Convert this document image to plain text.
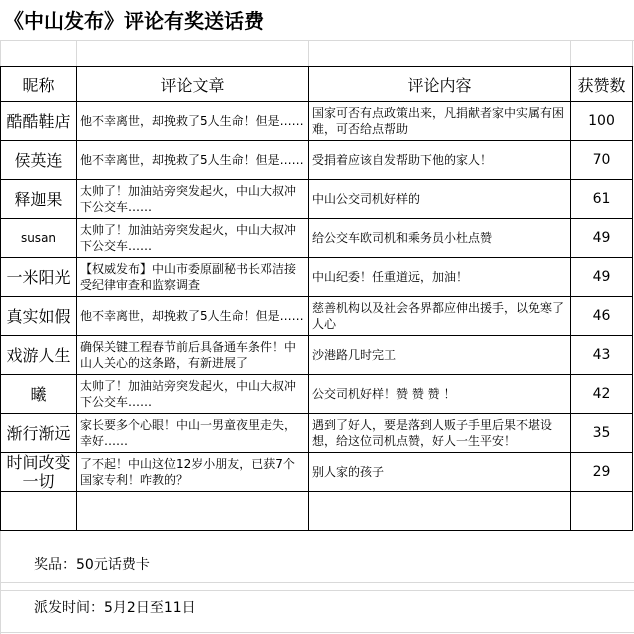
《中山发布》评论有奖送话费
昵称	评论文章	评论内容	获赞数
酷酷鞋店	他不幸离世，却挽救了5人生命！但是……	国家可否有点政策出来，凡捐献者家中实属有困难，可否给点帮助	100
侯英连	他不幸离世，却挽救了5人生命！但是……	受捐着应该自发帮助下他的家人！	70
释迦果	太帅了！加油站旁突发起火，中山大叔冲下公交车……	中山公交司机好样的	61
susan	太帅了！加油站旁突发起火，中山大叔冲下公交车……	给公交车欧司机和乘务员小杜点赞	49
一米阳光	【权威发布】中山市委原副秘书长邓洁接受纪律审查和监察调查	中山纪委！任重道远，加油！	49
真实如假	他不幸离世，却挽救了5人生命！但是……	慈善机构以及社会各界都应伸出援手，以免寒了人心	46
戏游人生	确保关键工程春节前后具备通车条件！中山人关心的这条路，有新进展了	沙港路几时完工	43
曦	太帅了！加油站旁突发起火，中山大叔冲下公交车……	公交司机好样！赞 赞 赞 ！	42
渐行渐远	家长要多个心眼！中山一男童夜里走失，幸好……	遇到了好人，要是落到人贩子手里后果不堪设想，给这位司机点赞，好人一生平安！	35
时间改变一切	了不起！中山这位12岁小朋友，已获7个国家专利！咋教的？	别人家的孩子	29

奖品：50元话费卡
派发时间：5月2日至11日
